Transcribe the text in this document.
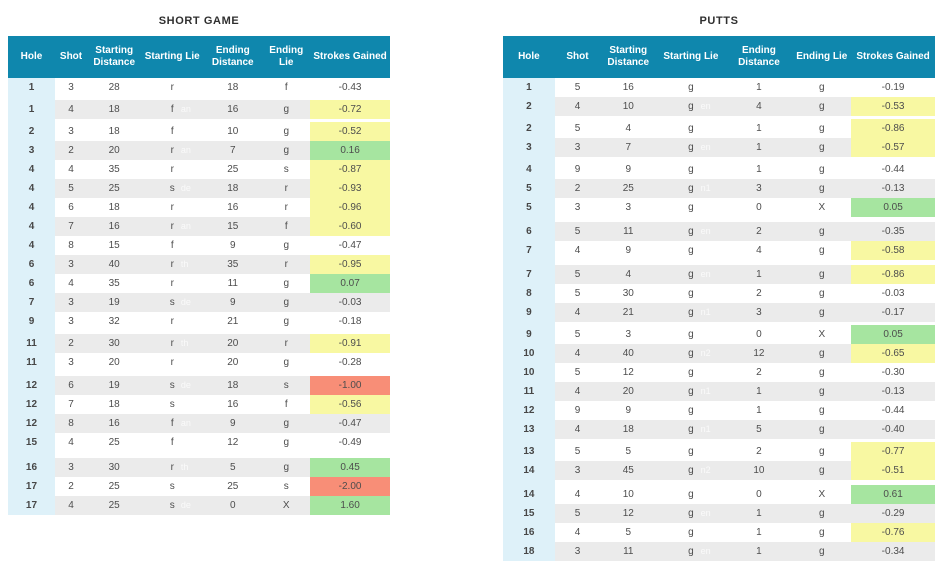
SHORT GAME
Hole	Shot	Starting Distance	Starting Lie	Ending Distance	Ending Lie	Strokes Gained
1	3	28	r	18	f	-0.43
1	4	18	f an	16	g	-0.72
2	3	18	f	10	g	-0.52
3	2	20	r an	7	g	0.16
4	4	35	r	25	s	-0.87
4	5	25	s de	18	r	-0.93
4	6	18	r	16	r	-0.96
4	7	16	r an	15	f	-0.60
4	8	15	f	9	g	-0.47
6	3	40	r th	35	r	-0.95
6	4	35	r	11	g	0.07
7	3	19	s de	9	g	-0.03
9	3	32	r	21	g	-0.18
11	2	30	r th	20	r	-0.91
11	3	20	r	20	g	-0.28
12	6	19	s de	18	s	-1.00
12	7	18	s	16	f	-0.56
12	8	16	f an	9	g	-0.47
15	4	25	f	12	g	-0.49
16	3	30	r th	5	g	0.45
17	2	25	s	25	s	-2.00
17	4	25	s de	0	X	1.60
PUTTS
Hole	Shot	Starting Distance	Starting Lie	Ending Distance	Ending Lie	Strokes Gained
1	5	16	g	1	g	-0.19
2	4	10	g en	4	g	-0.53
2	5	4	g	1	g	-0.86
3	3	7	g en	1	g	-0.57
4	9	9	g	1	g	-0.44
5	2	25	g n1	3	g	-0.13
5	3	3	g	0	X	0.05
6	5	11	g en	2	g	-0.35
7	4	9	g	4	g	-0.58
7	5	4	g en	1	g	-0.86
8	5	30	g	2	g	-0.03
9	4	21	g n1	3	g	-0.17
9	5	3	g	0	X	0.05
10	4	40	g n2	12	g	-0.65
10	5	12	g	2	g	-0.30
11	4	20	g n1	1	g	-0.13
12	9	9	g	1	g	-0.44
13	4	18	g n1	5	g	-0.40
13	5	5	g	2	g	-0.77
14	3	45	g n2	10	g	-0.51
14	4	10	g	0	X	0.61
15	5	12	g en	1	g	-0.29
16	4	5	g	1	g	-0.76
18	3	11	g en	1	g	-0.34
